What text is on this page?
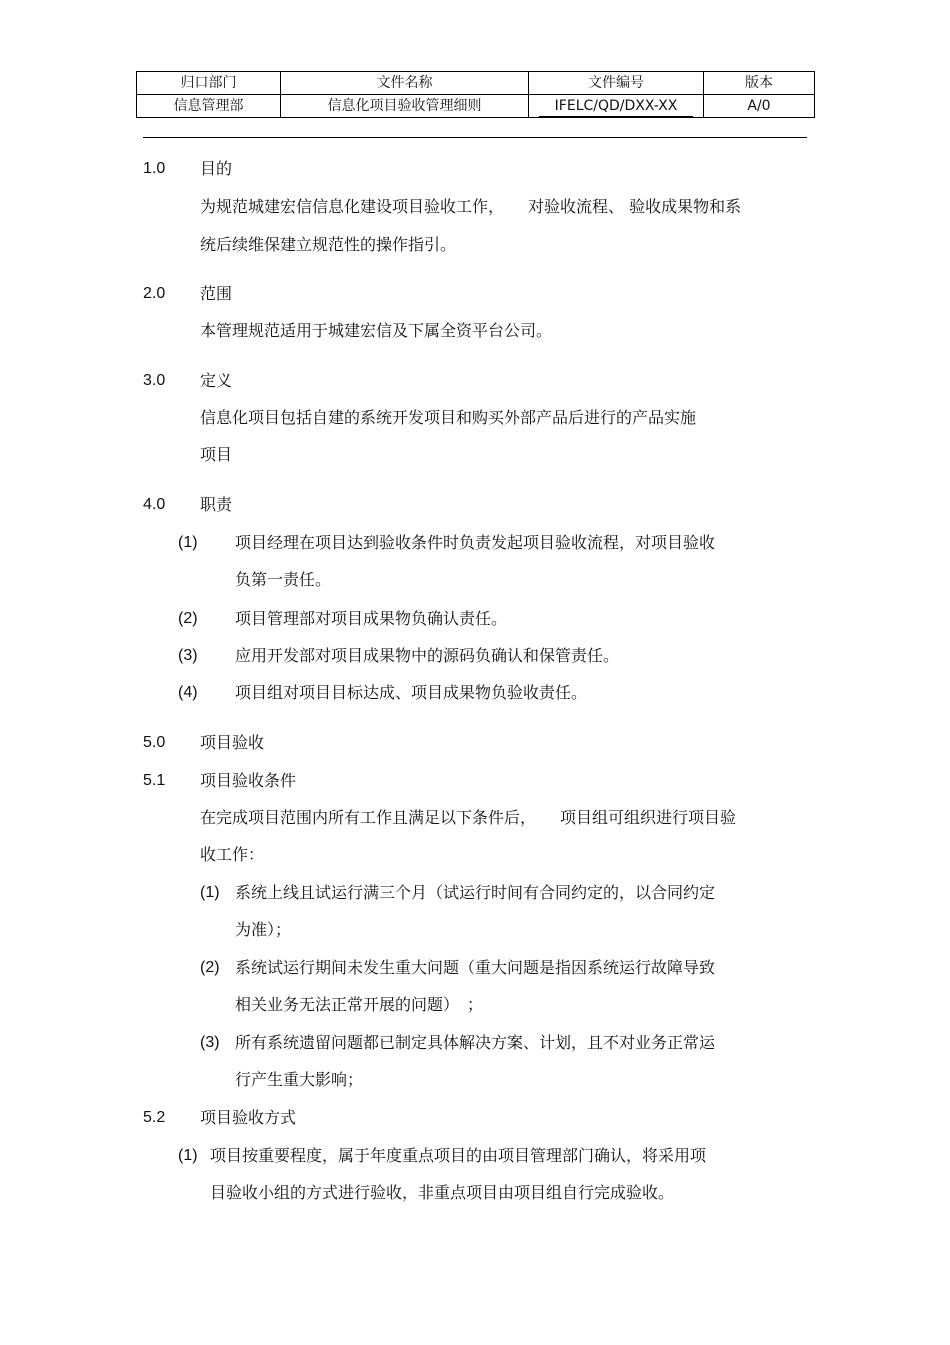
归口部门	文件名称	文件编号	版本
信息管理部	信息化项目验收管理细则	IFELC/QD/DXX-XX	A/0
1.0 目的
为规范城建宏信信息化建设项目验收工作，　　对验收流程、 验收成果物和系
统后续维保建立规范性的操作指引。
2.0 范围
本管理规范适用于城建宏信及下属全资平台公司。
3.0 定义
信息化项目包括自建的系统开发项目和购买外部产品后进行的产品实施
项目
4.0 职责
(1) 项目经理在项目达到验收条件时负责发起项目验收流程，对项目验收
负第一责任。
(2) 项目管理部对项目成果物负确认责任。
(3) 应用开发部对项目成果物中的源码负确认和保管责任。
(4) 项目组对项目目标达成、项目成果物负验收责任。
5.0 项目验收
5.1 项目验收条件
在完成项目范围内所有工作且满足以下条件后，　　项目组可组织进行项目验
收工作：
(1) 系统上线且试运行满三个月（试运行时间有合同约定的，以合同约定
为准）；
(2) 系统试运行期间未发生重大问题（重大问题是指因系统运行故障导致
相关业务无法正常开展的问题）　；
(3) 所有系统遗留问题都已制定具体解决方案、计划，且不对业务正常运
行产生重大影响；
5.2 项目验收方式
(1) 项目按重要程度，属于年度重点项目的由项目管理部门确认，将采用项
目验收小组的方式进行验收，非重点项目由项目组自行完成验收。
